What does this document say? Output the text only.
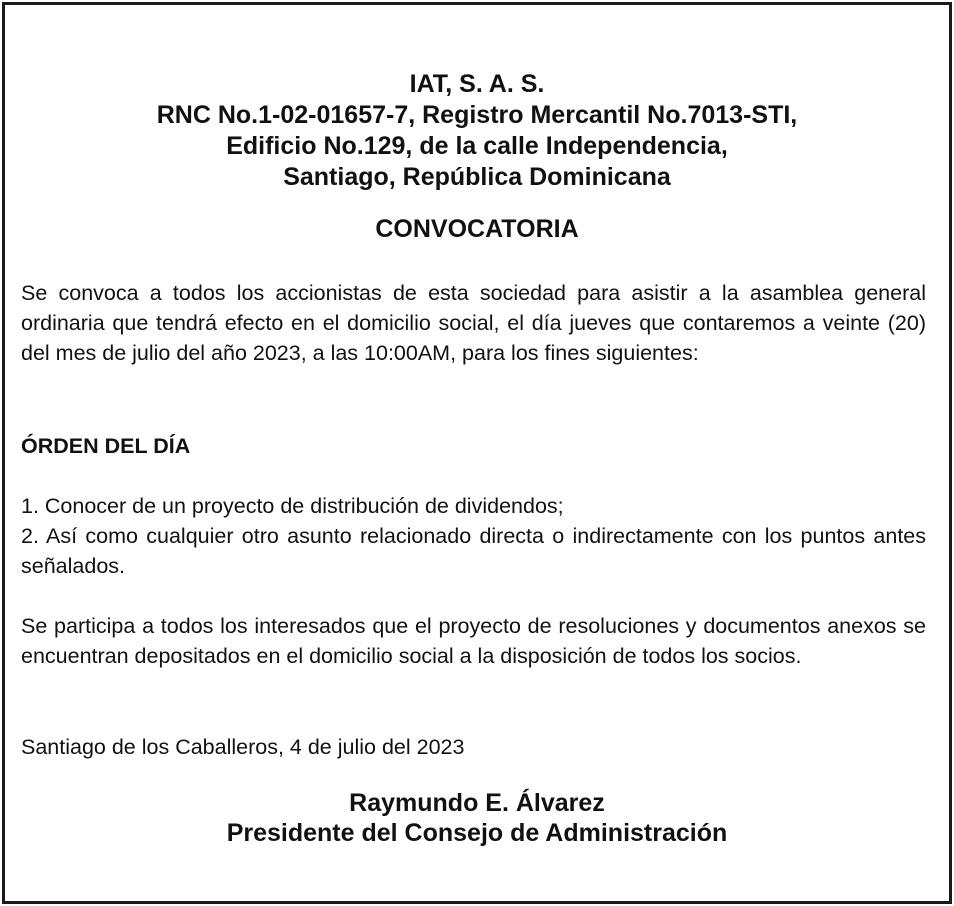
IAT, S. A. S.
RNC No.1-02-01657-7, Registro Mercantil No.7013-STI,
Edificio No.129, de la calle Independencia,
Santiago, República Dominicana
CONVOCATORIA
Se convoca a todos los accionistas de esta sociedad para asistir a la asamblea general ordinaria que tendrá efecto en el domicilio social, el día jueves que contaremos a veinte (20) del mes de julio del año 2023, a las 10:00AM, para los fines siguientes:
ÓRDEN DEL DÍA
1. Conocer de un proyecto de distribución de dividendos;
2. Así como cualquier otro asunto relacionado directa o indirectamente con los puntos antes señalados.
Se participa a todos los interesados que el proyecto de resoluciones y documentos anexos se encuentran depositados en el domicilio social a la disposición de todos los socios.
Santiago de los Caballeros, 4 de julio del 2023
Raymundo E. Álvarez
Presidente del Consejo de Administración
